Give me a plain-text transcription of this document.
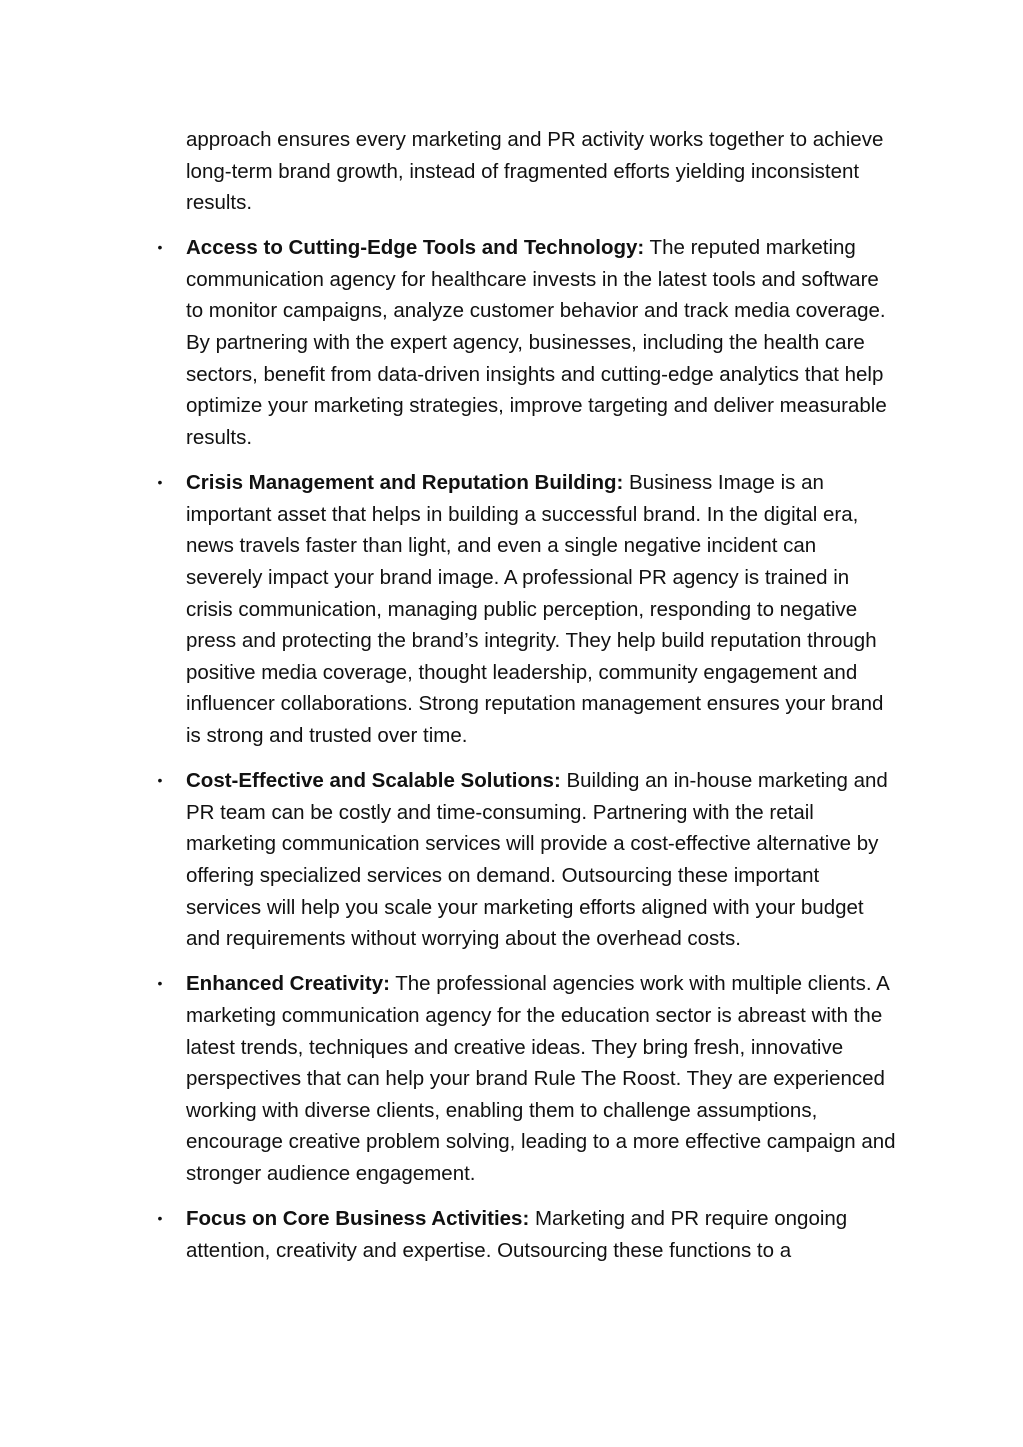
approach ensures every marketing and PR activity works together to achieve long-term brand growth, instead of fragmented efforts yielding inconsistent results.

• Access to Cutting-Edge Tools and Technology: The reputed marketing communication agency for healthcare invests in the latest tools and software to monitor campaigns, analyze customer behavior and track media coverage. By partnering with the expert agency, businesses, including the health care sectors, benefit from data-driven insights and cutting-edge analytics that help optimize your marketing strategies, improve targeting and deliver measurable results.
• Crisis Management and Reputation Building: Business Image is an important asset that helps in building a successful brand. In the digital era, news travels faster than light, and even a single negative incident can severely impact your brand image. A professional PR agency is trained in crisis communication, managing public perception, responding to negative press and protecting the brand’s integrity. They help build reputation through positive media coverage, thought leadership, community engagement and influencer collaborations. Strong reputation management ensures your brand is strong and trusted over time.
• Cost-Effective and Scalable Solutions: Building an in-house marketing and PR team can be costly and time-consuming. Partnering with the retail marketing communication services will provide a cost-effective alternative by offering specialized services on demand. Outsourcing these important services will help you scale your marketing efforts aligned with your budget and requirements without worrying about the overhead costs.
• Enhanced Creativity: The professional agencies work with multiple clients. A marketing communication agency for the education sector is abreast with the latest trends, techniques and creative ideas. They bring fresh, innovative perspectives that can help your brand Rule The Roost. They are experienced working with diverse clients, enabling them to challenge assumptions, encourage creative problem solving, leading to a more effective campaign and stronger audience engagement.
• Focus on Core Business Activities: Marketing and PR require ongoing attention, creativity and expertise. Outsourcing these functions to a
